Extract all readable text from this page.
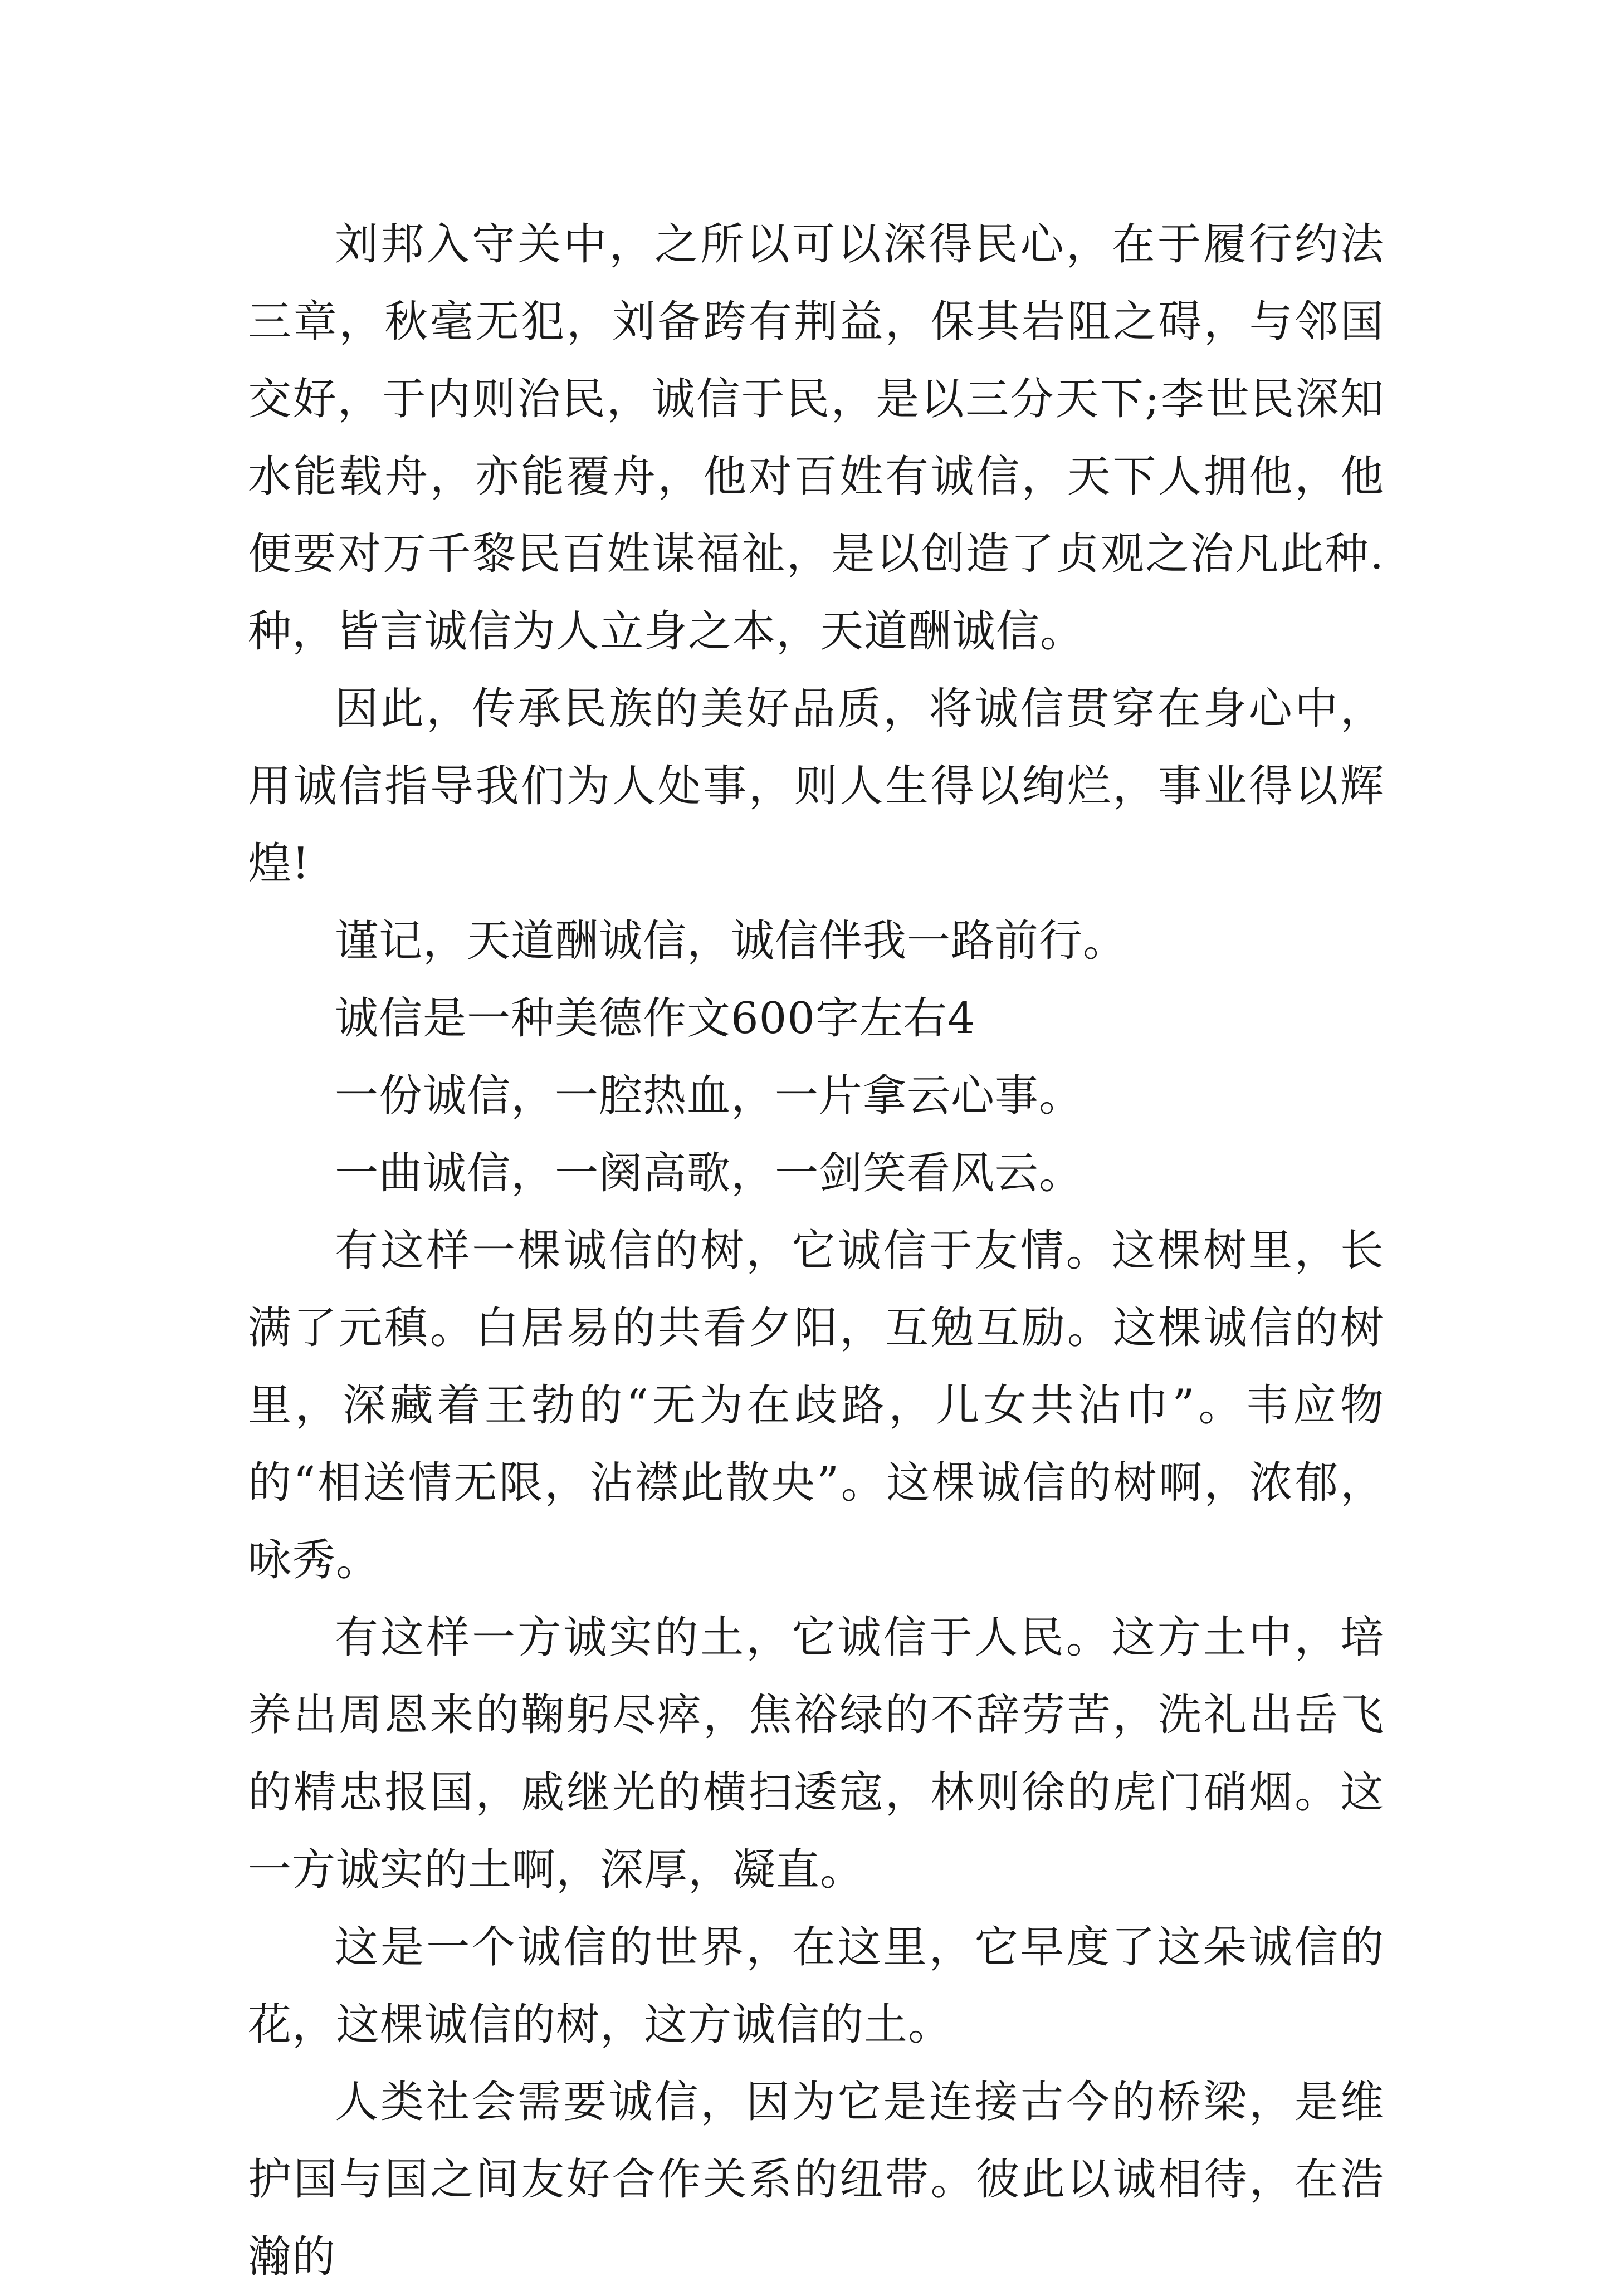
刘邦入守关中，之所以可以深得民心，在于履行约法三章，秋毫无犯，刘备跨有荆益，保其岩阻之碍，与邻国交好，于内则治民，诚信于民，是以三分天下;李世民深知水能载舟，亦能覆舟，他对百姓有诚信，天下人拥他，他便要对万千黎民百姓谋福祉，是以创造了贞观之治凡此种.种，皆言诚信为人立身之本，天道酬诚信。

因此，传承民族的美好品质，将诚信贯穿在身心中，用诚信指导我们为人处事，则人生得以绚烂，事业得以辉煌!

谨记，天道酬诚信，诚信伴我一路前行。

诚信是一种美德作文600字左右4

一份诚信，一腔热血，一片拿云心事。

一曲诚信，一阕高歌，一剑笑看风云。

有这样一棵诚信的树，它诚信于友情。这棵树里，长满了元稹。白居易的共看夕阳，互勉互励。这棵诚信的树里，深藏着王勃的“无为在歧路，儿女共沾巾”。韦应物的“相送情无限，沾襟此散央”。这棵诚信的树啊，浓郁，咏秀。

有这样一方诚实的土，它诚信于人民。这方土中，培养出周恩来的鞠躬尽瘁，焦裕绿的不辞劳苦，洗礼出岳飞的精忠报国，戚继光的横扫逶寇，林则徐的虎门硝烟。这一方诚实的土啊，深厚，凝直。

这是一个诚信的世界，在这里，它早度了这朵诚信的花，这棵诚信的树，这方诚信的土。

人类社会需要诚信，因为它是连接古今的桥梁，是维护国与国之间友好合作关系的纽带。彼此以诚相待，在浩瀚的
